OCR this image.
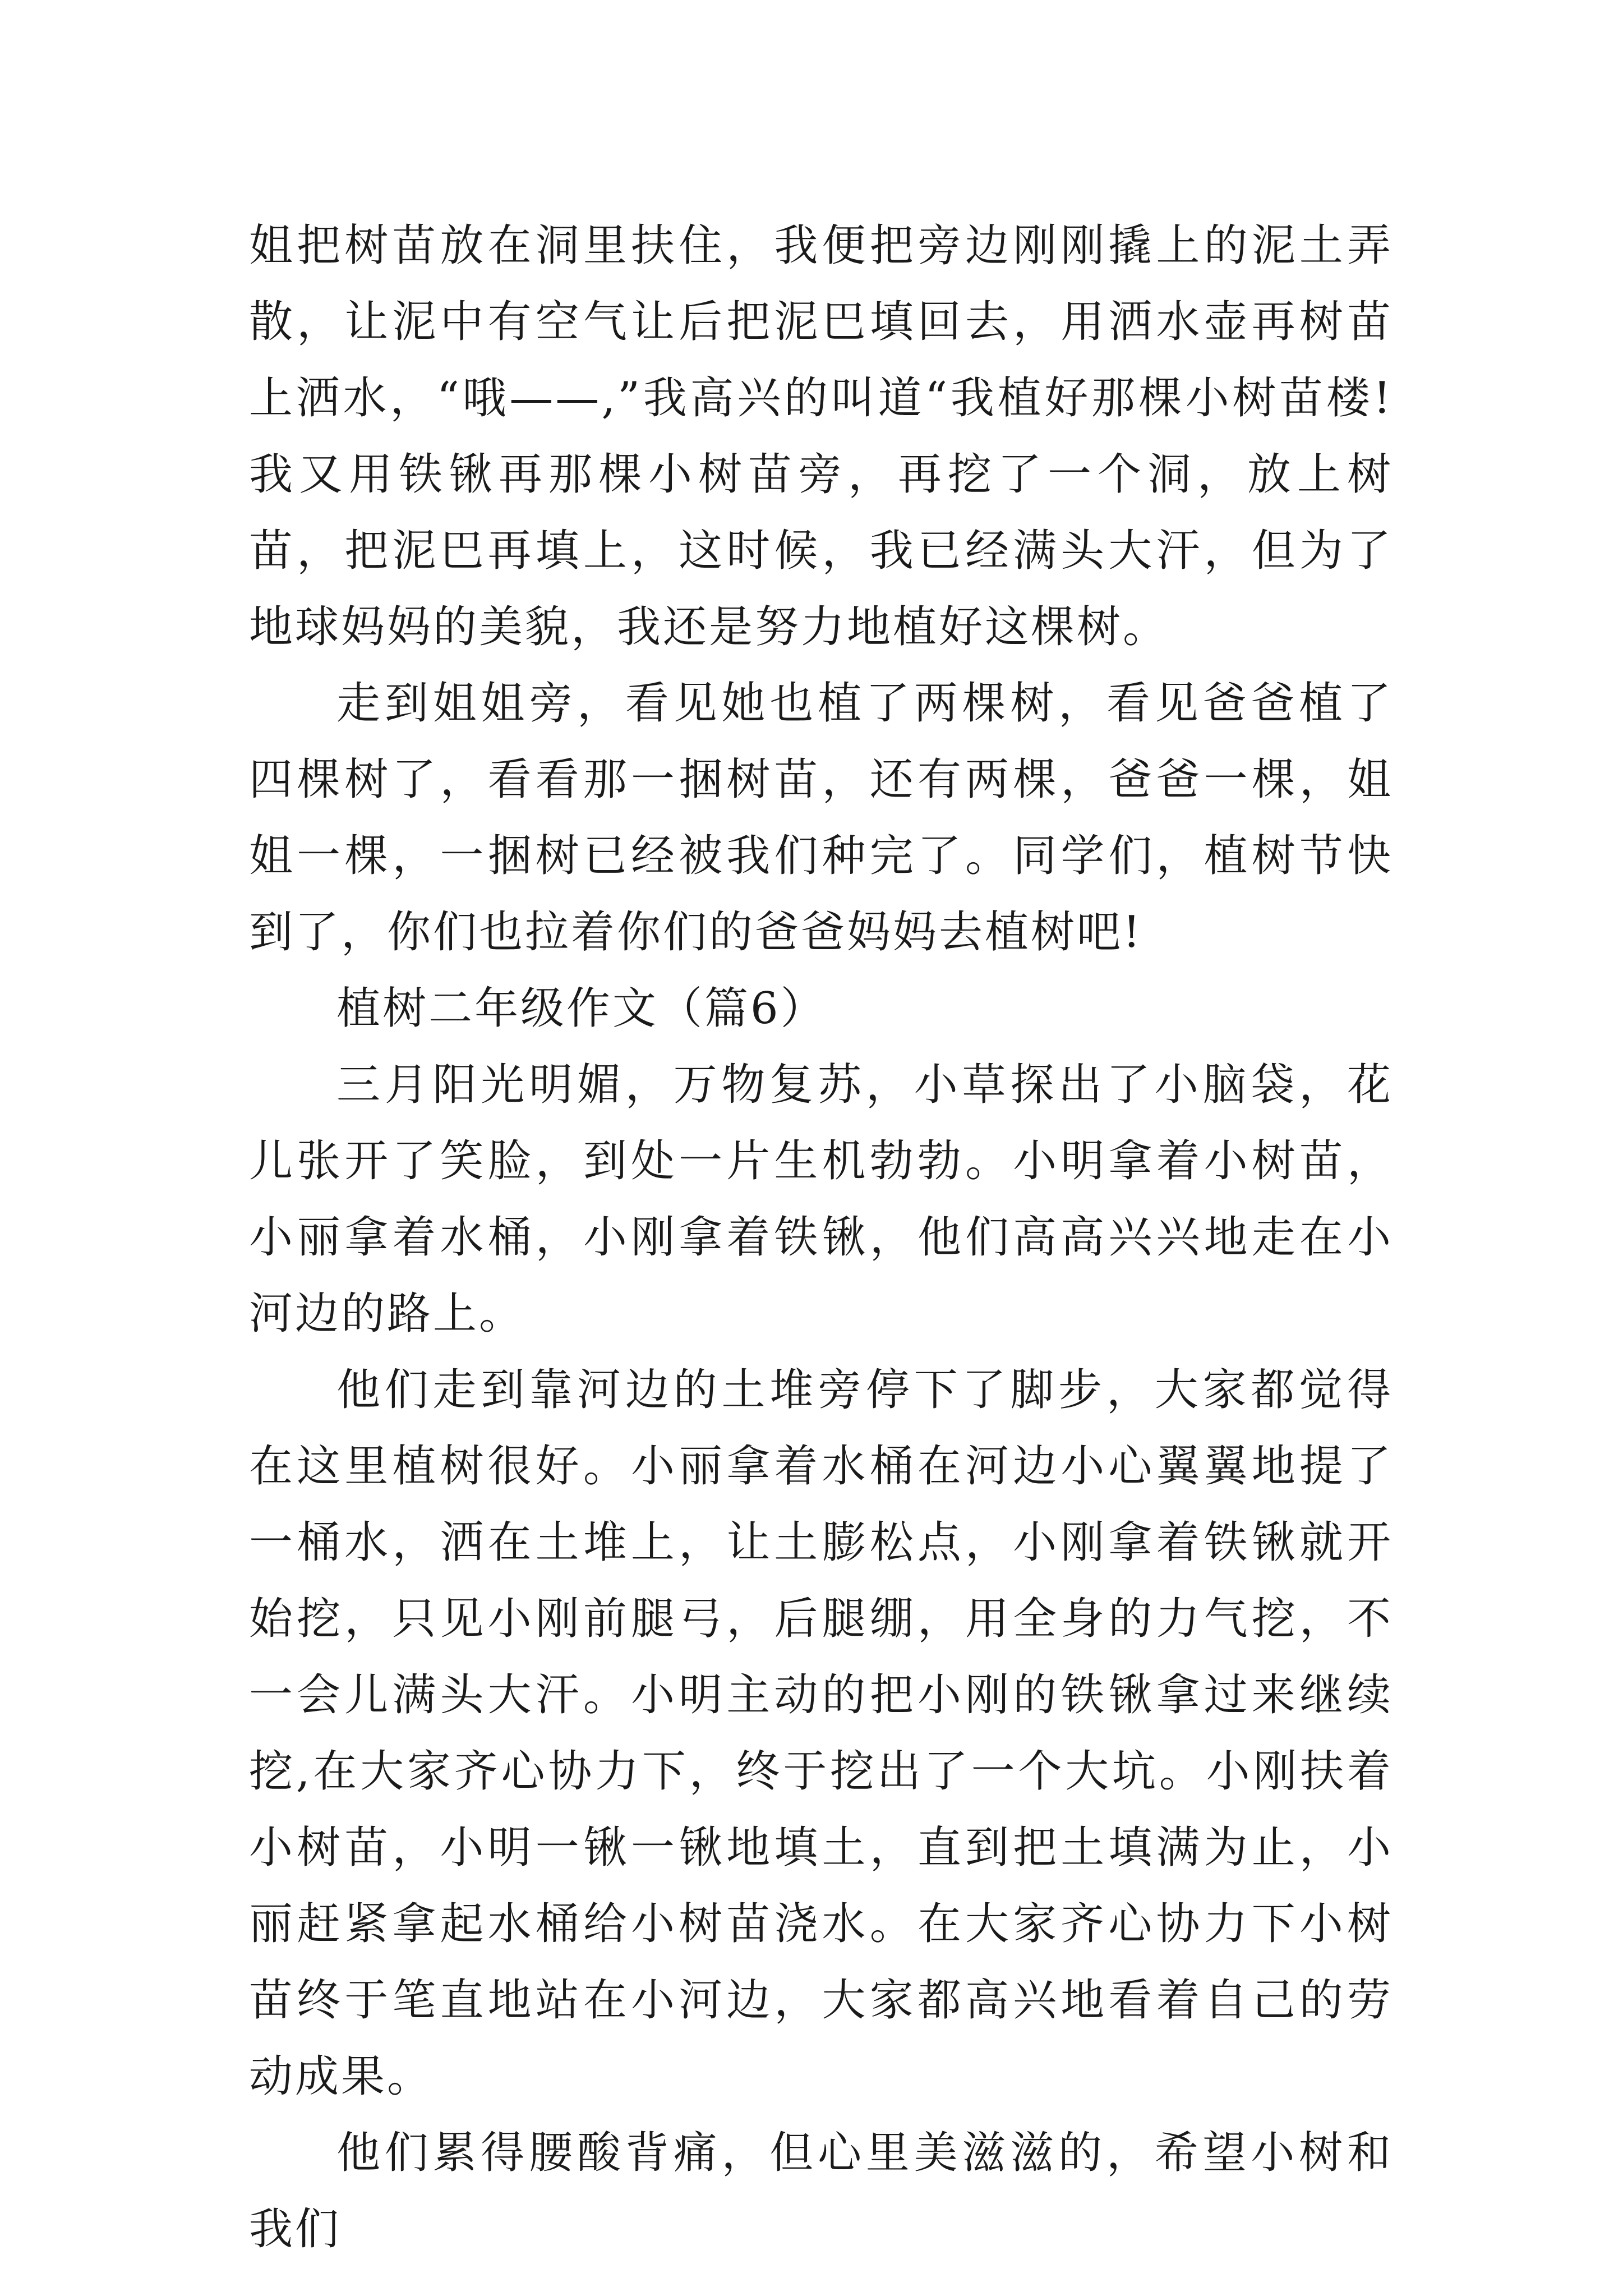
姐把树苗放在洞里扶住，我便把旁边刚刚撬上的泥土弄散，让泥中有空气让后把泥巴填回去，用洒水壶再树苗上洒水，“哦——,”我高兴的叫道“我植好那棵小树苗楼!我又用铁锹再那棵小树苗旁，再挖了一个洞，放上树苗，把泥巴再填上，这时候，我已经满头大汗，但为了地球妈妈的美貌，我还是努力地植好这棵树。

走到姐姐旁，看见她也植了两棵树，看见爸爸植了四棵树了，看看那一捆树苗，还有两棵，爸爸一棵，姐姐一棵，一捆树已经被我们种完了。同学们，植树节快到了，你们也拉着你们的爸爸妈妈去植树吧!

植树二年级作文（篇6）

三月阳光明媚，万物复苏，小草探出了小脑袋，花儿张开了笑脸，到处一片生机勃勃。小明拿着小树苗，小丽拿着水桶，小刚拿着铁锹，他们高高兴兴地走在小河边的路上。

他们走到靠河边的土堆旁停下了脚步，大家都觉得在这里植树很好。小丽拿着水桶在河边小心翼翼地提了一桶水，洒在土堆上，让土膨松点，小刚拿着铁锹就开始挖，只见小刚前腿弓，后腿绷，用全身的力气挖，不一会儿满头大汗。小明主动的把小刚的铁锹拿过来继续挖,在大家齐心协力下，终于挖出了一个大坑。小刚扶着小树苗，小明一锹一锹地填土，直到把土填满为止，小丽赶紧拿起水桶给小树苗浇水。在大家齐心协力下小树苗终于笔直地站在小河边，大家都高兴地看着自己的劳动成果。

他们累得腰酸背痛，但心里美滋滋的，希望小树和我们
